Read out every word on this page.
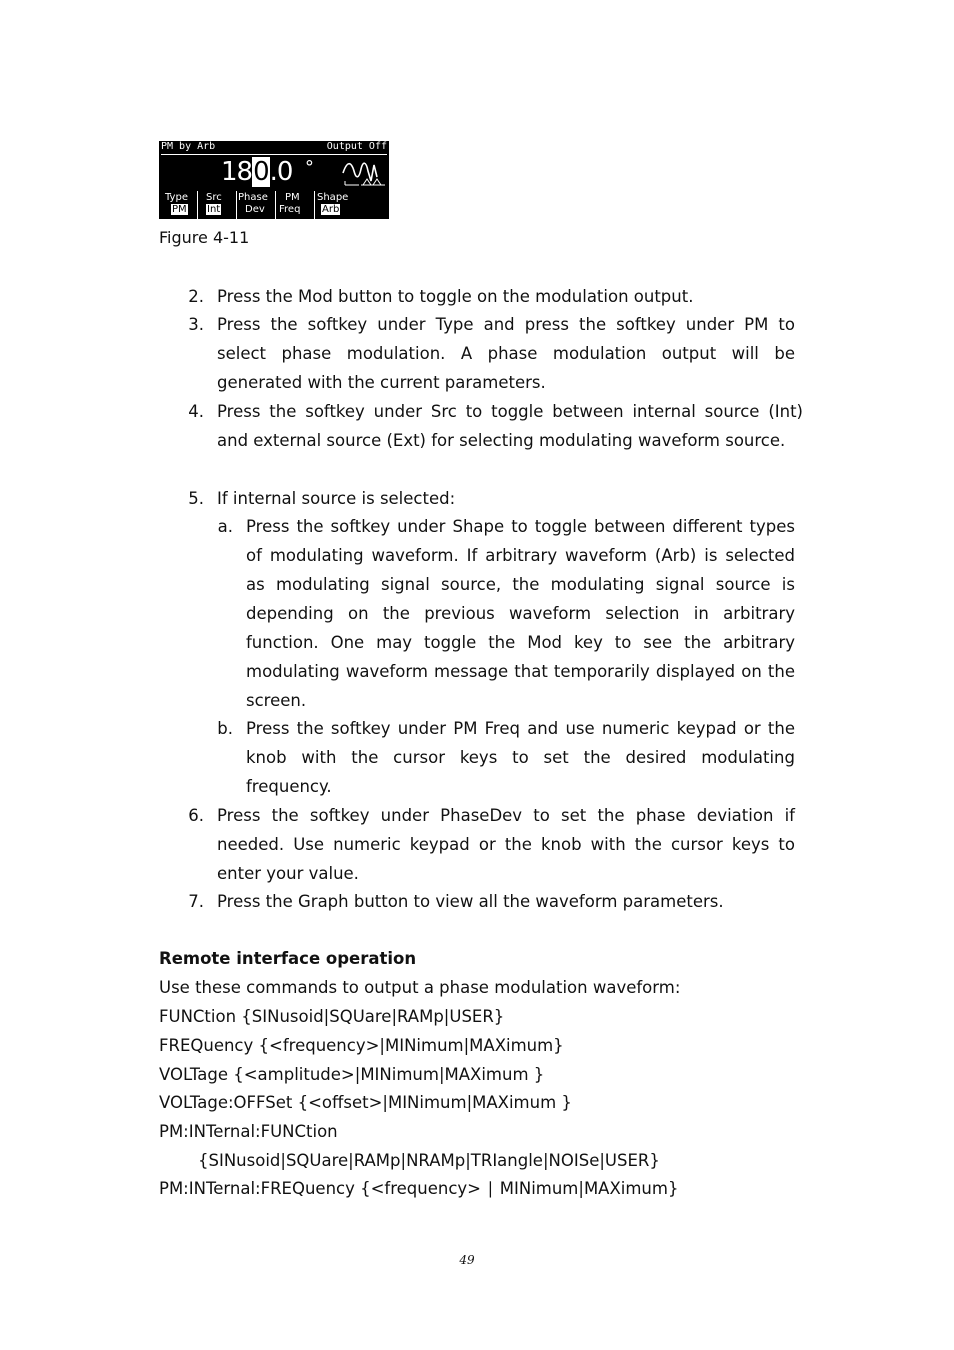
PM by Arb	Output Off
180.0 °
Type
PM
Src
Int
Phase
Dev
PM
Freq
Shape
Arb
Figure 4-11
2. Press the Mod button to toggle on the modulation output.
3. Press the softkey under Type and press the softkey under PM to select phase modulation. A phase modulation output will be generated with the current parameters.
4. Press the softkey under Src to toggle between internal source (Int) and external source (Ext) for selecting modulating waveform source.
5. If internal source is selected:
a. Press the softkey under Shape to toggle between different types of modulating waveform. If arbitrary waveform (Arb) is selected as modulating signal source, the modulating signal source is depending on the previous waveform selection in arbitrary function. One may toggle the Mod key to see the arbitrary modulating waveform message that temporarily displayed on the screen.
b. Press the softkey under PM Freq and use numeric keypad or the knob with the cursor keys to set the desired modulating frequency.
6. Press the softkey under PhaseDev to set the phase deviation if needed. Use numeric keypad or the knob with the cursor keys to enter your value.
7. Press the Graph button to view all the waveform parameters.
Remote interface operation
Use these commands to output a phase modulation waveform:
FUNCtion {SINusoid|SQUare|RAMp|USER}
FREQuency {<frequency>|MINimum|MAXimum}
VOLTage {<amplitude>|MINimum|MAXimum }
VOLTage:OFFSet {<offset>|MINimum|MAXimum }
PM:INTernal:FUNCtion
{SINusoid|SQUare|RAMp|NRAMp|TRIangle|NOISe|USER}
PM:INTernal:FREQuency {<frequency> ∣ MINimum|MAXimum}
49
